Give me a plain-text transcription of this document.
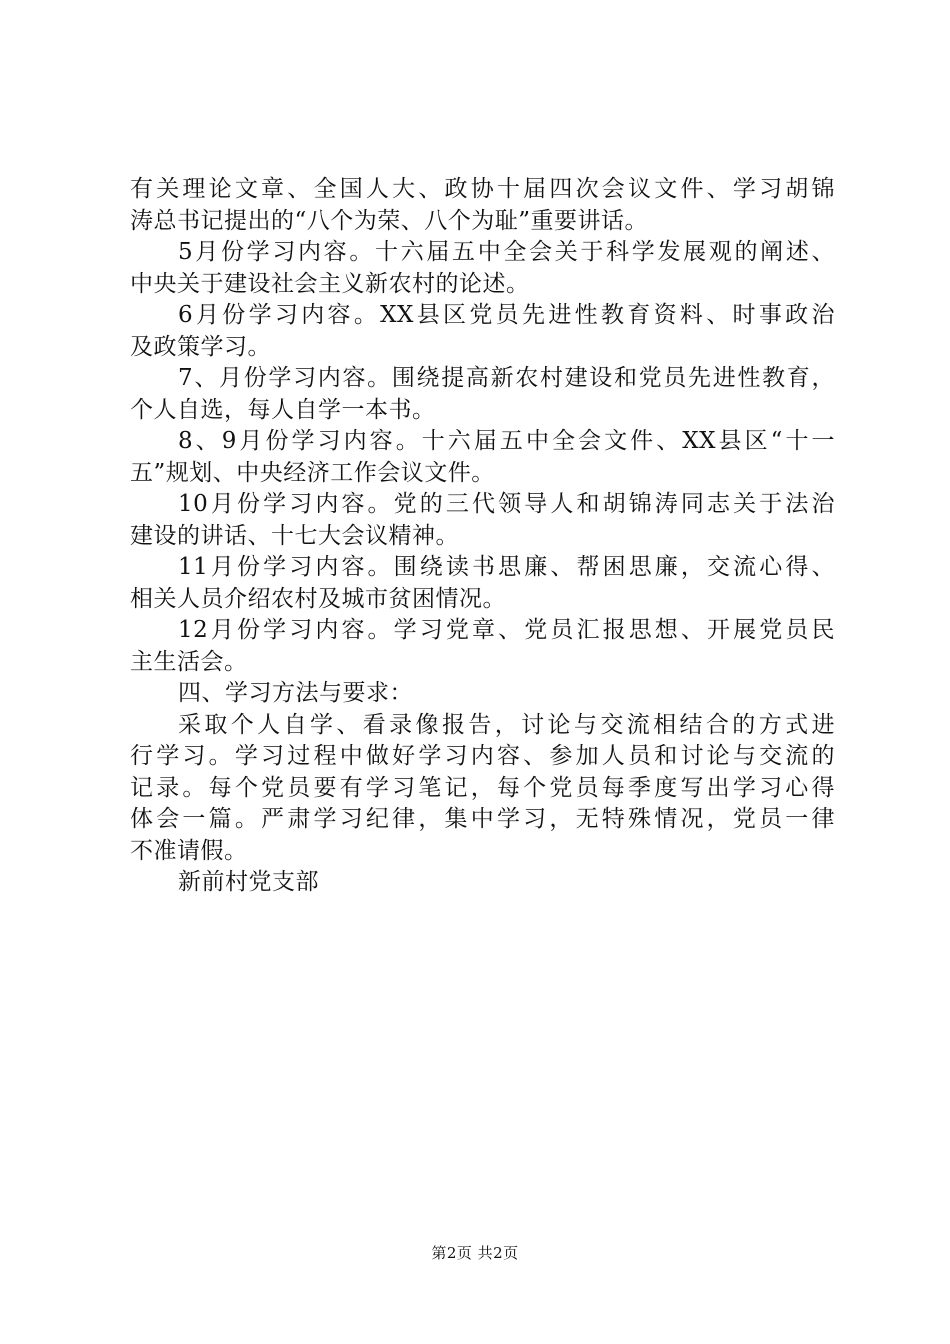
有关理论文章、全国人大、政协十届四次会议文件、学习胡锦
涛总书记提出的“八个为荣、八个为耻”重要讲话。
5月份学习内容。十六届五中全会关于科学发展观的阐述、
中央关于建设社会主义新农村的论述。
6月份学习内容。XX县区党员先进性教育资料、时事政治
及政策学习。
7、月份学习内容。围绕提高新农村建设和党员先进性教育，
个人自选，每人自学一本书。
8、9月份学习内容。十六届五中全会文件、XX县区“十一
五”规划、中央经济工作会议文件。
10月份学习内容。党的三代领导人和胡锦涛同志关于法治
建设的讲话、十七大会议精神。
11月份学习内容。围绕读书思廉、帮困思廉，交流心得、
相关人员介绍农村及城市贫困情况。
12月份学习内容。学习党章、党员汇报思想、开展党员民
主生活会。
四、学习方法与要求：
采取个人自学、看录像报告，讨论与交流相结合的方式进
行学习。学习过程中做好学习内容、参加人员和讨论与交流的
记录。每个党员要有学习笔记，每个党员每季度写出学习心得
体会一篇。严肃学习纪律，集中学习，无特殊情况，党员一律
不准请假。
新前村党支部
第2页 共2页
